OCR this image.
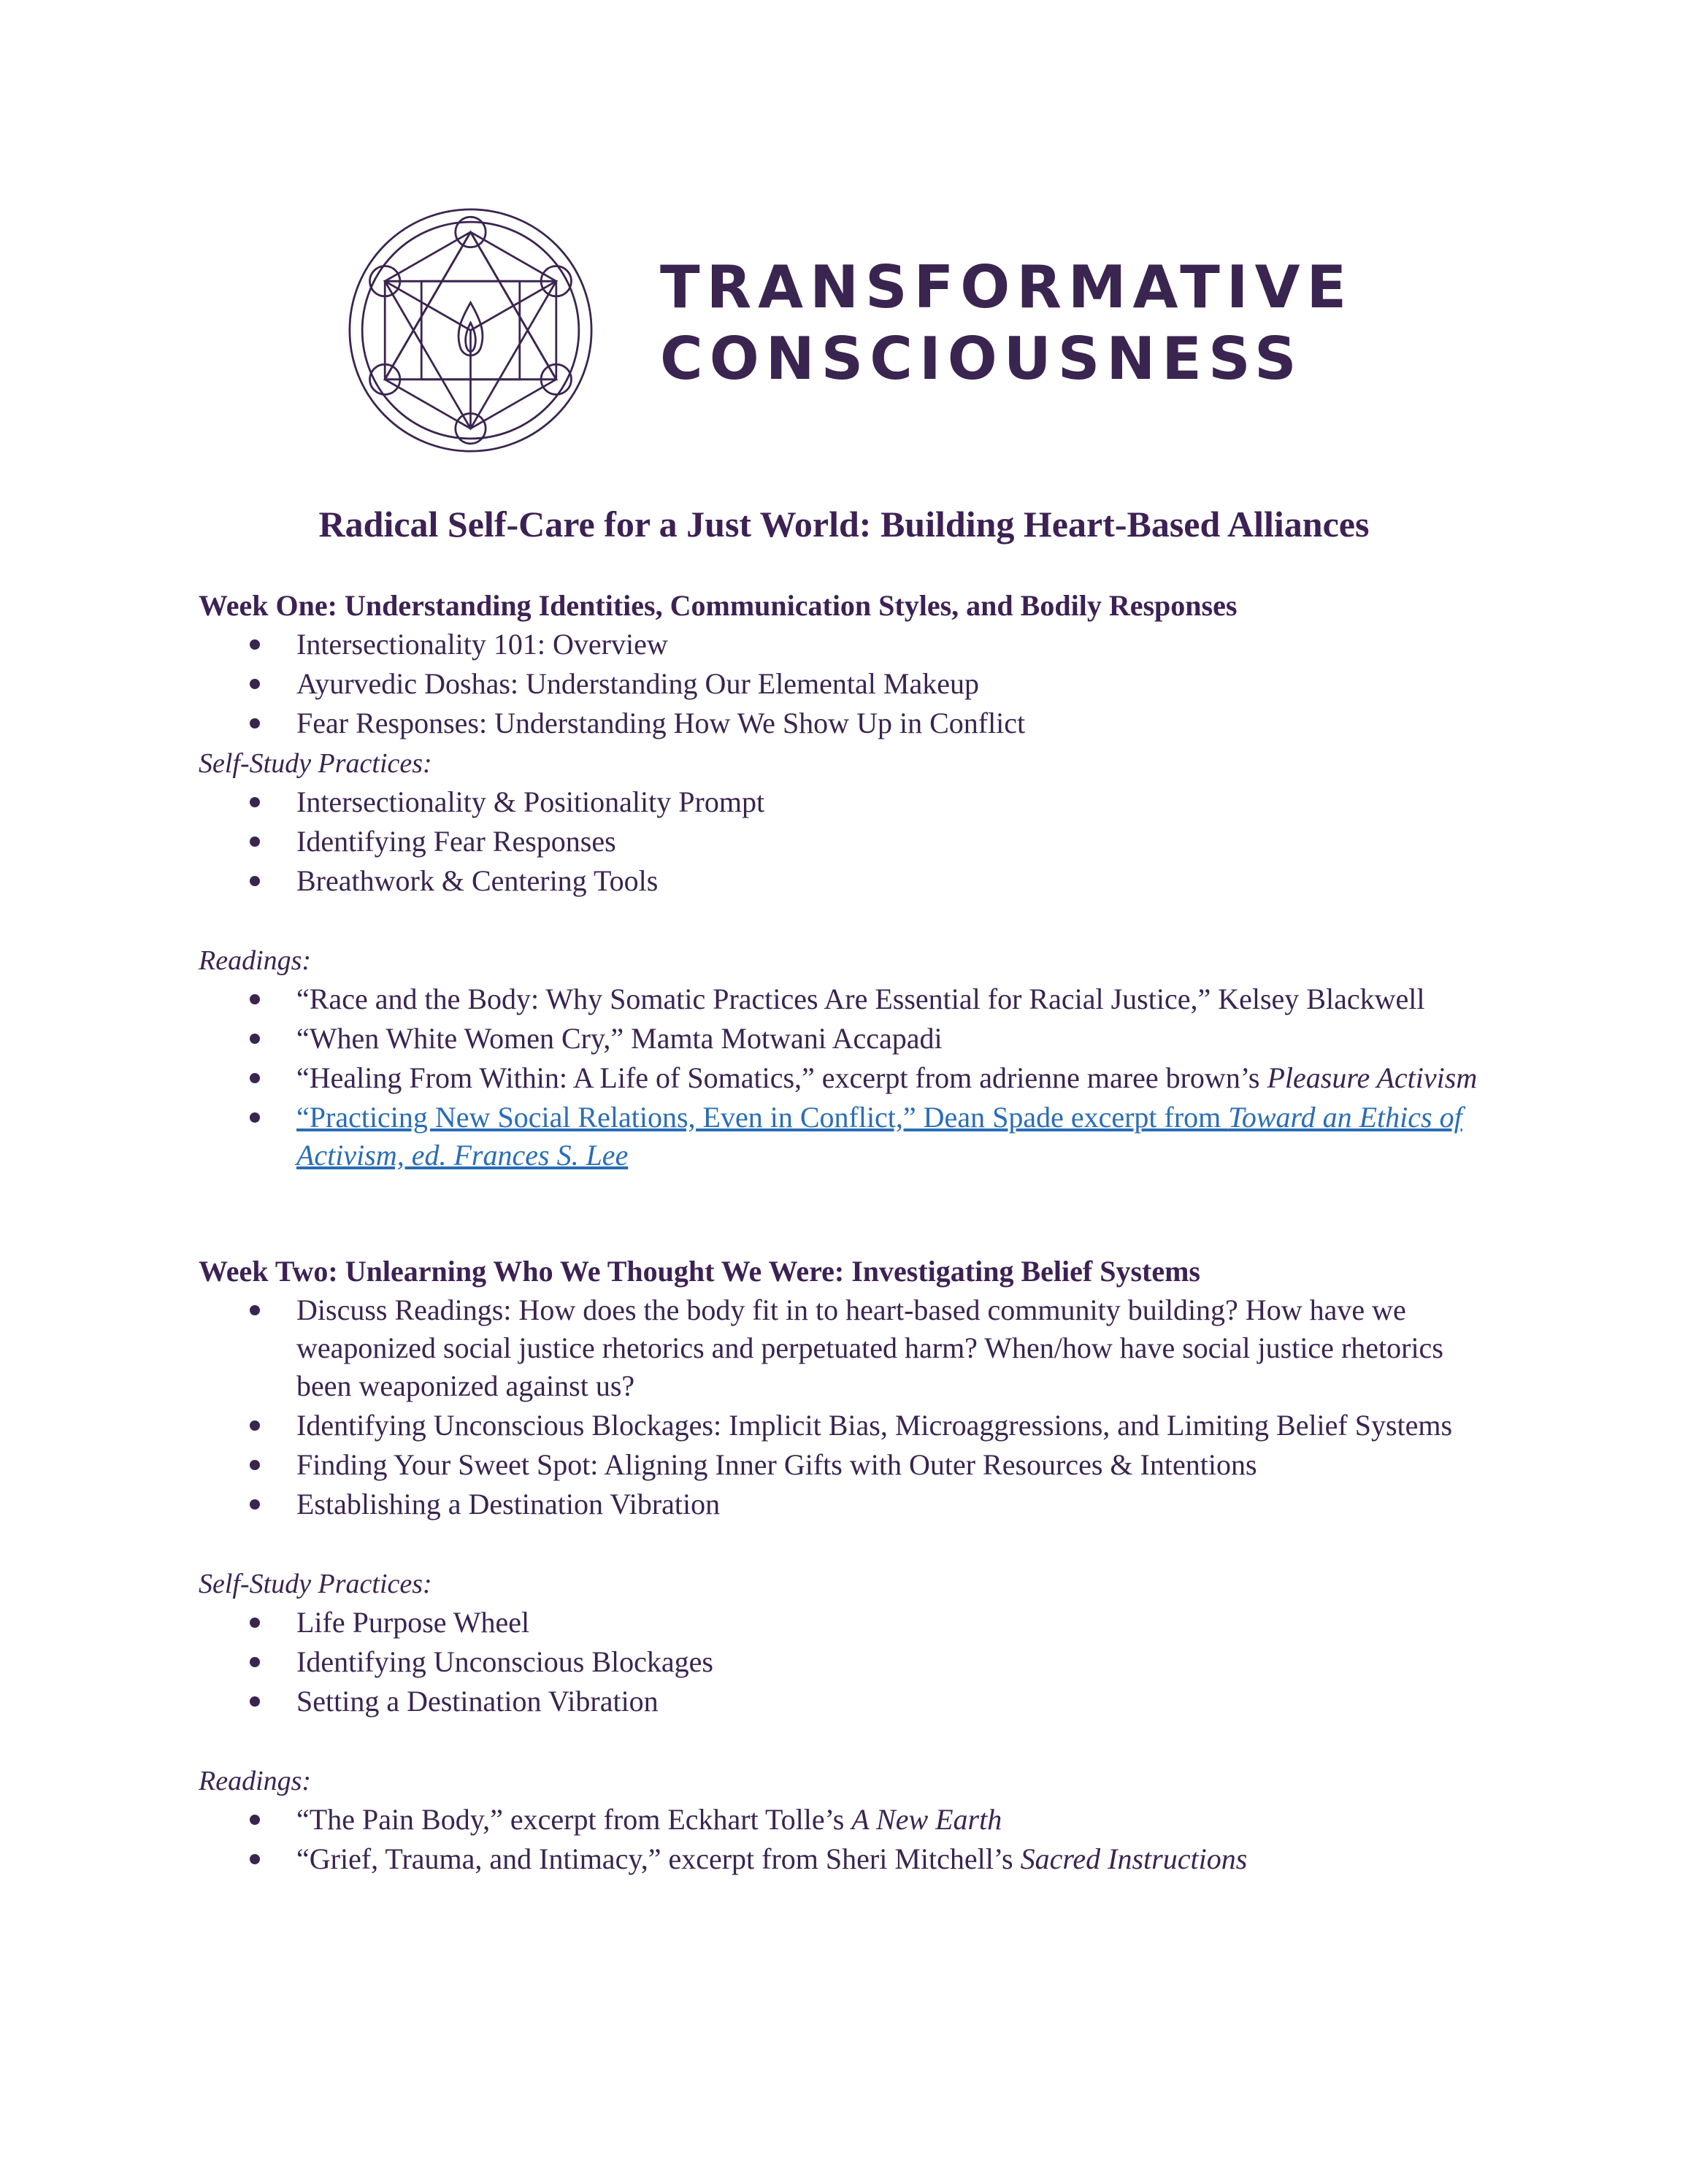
TRANSFORMATIVE
CONSCIOUSNESS
Radical Self-Care for a Just World: Building Heart-Based Alliances

Week One: Understanding Identities, Communication Styles, and Bodily Responses

Intersectionality 101: Overview
Ayurvedic Doshas: Understanding Our Elemental Makeup
Fear Responses: Understanding How We Show Up in Conflict

Self-Study Practices:

Intersectionality & Positionality Prompt
Identifying Fear Responses
Breathwork & Centering Tools

Readings:

“Race and the Body: Why Somatic Practices Are Essential for Racial Justice,” Kelsey Blackwell
“When White Women Cry,” Mamta Motwani Accapadi
“Healing From Within: A Life of Somatics,” excerpt from adrienne maree brown’s Pleasure Activism
“Practicing New Social Relations, Even in Conflict,” Dean Spade excerpt from Toward an Ethics of Activism, ed. Frances S. Lee

Week Two: Unlearning Who We Thought We Were: Investigating Belief Systems

Discuss Readings: How does the body fit in to heart-based community building? How have we weaponized social justice rhetorics and perpetuated harm? When/how have social justice rhetorics been weaponized against us?
Identifying Unconscious Blockages: Implicit Bias, Microaggressions, and Limiting Belief Systems
Finding Your Sweet Spot: Aligning Inner Gifts with Outer Resources & Intentions
Establishing a Destination Vibration

Self-Study Practices:

Life Purpose Wheel
Identifying Unconscious Blockages
Setting a Destination Vibration

Readings:

“The Pain Body,” excerpt from Eckhart Tolle’s A New Earth
“Grief, Trauma, and Intimacy,” excerpt from Sheri Mitchell’s Sacred Instructions
